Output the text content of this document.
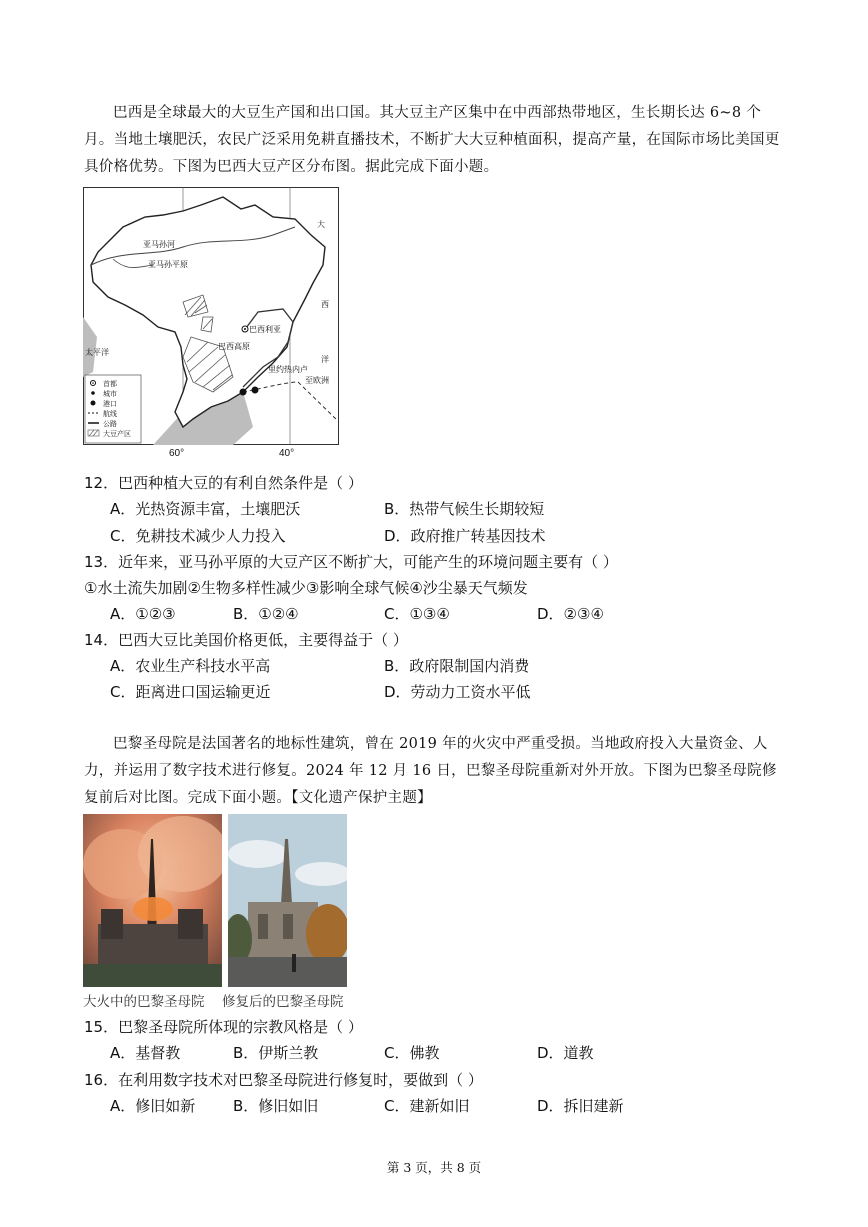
巴西是全球最大的大豆生产国和出口国。其大豆主产区集中在中西部热带地区，生长期长达 6~8 个月。当地土壤肥沃，农民广泛采用免耕直播技术，不断扩大大豆种植面积，提高产量，在国际市场比美国更具价格优势。下图为巴西大豆产区分布图。据此完成下面小题。
亚马孙河
亚马孙平原
巴西利亚
巴西高原
里约热内卢
大
西
洋
至欧洲
太平洋
首都
城市
港口
航线
公路
大豆产区
60°	40°
12．巴西种植大豆的有利自然条件是（ ）
A．光热资源丰富，土壤肥沃	B．热带气候生长期较短
C．免耕技术减少人力投入	D．政府推广转基因技术
13．近年来，亚马孙平原的大豆产区不断扩大，可能产生的环境问题主要有（ ）
①水土流失加剧②生物多样性减少③影响全球气候④沙尘暴天气频发
A．①②③	B．①②④	C．①③④	D．②③④
14．巴西大豆比美国价格更低，主要得益于（ ）
A．农业生产科技水平高	B．政府限制国内消费
C．距离进口国运输更近	D．劳动力工资水平低
巴黎圣母院是法国著名的地标性建筑，曾在 2019 年的火灾中严重受损。当地政府投入大量资金、人力，并运用了数字技术进行修复。2024 年 12 月 16 日，巴黎圣母院重新对外开放。下图为巴黎圣母院修复前后对比图。完成下面小题。【文化遗产保护主题】
大火中的巴黎圣母院 修复后的巴黎圣母院
15．巴黎圣母院所体现的宗教风格是（ ）
A．基督教	B．伊斯兰教	C．佛教	D．道教
16．在利用数字技术对巴黎圣母院进行修复时，要做到（ ）
A．修旧如新	B．修旧如旧	C．建新如旧	D．拆旧建新
第 3 页，共 8 页
